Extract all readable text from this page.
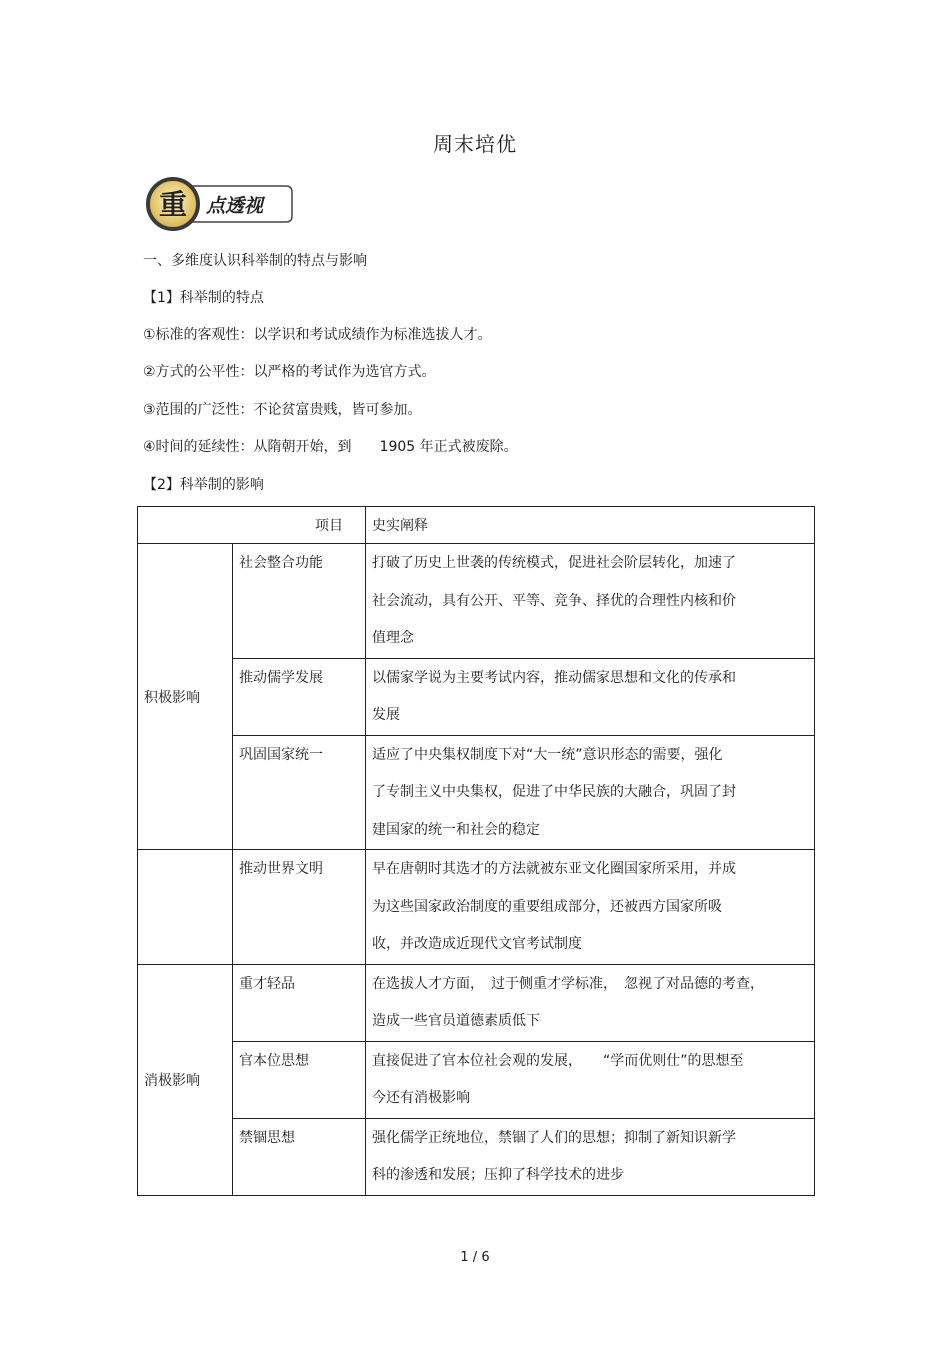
周末培优
重 点透视
一、多维度认识科举制的特点与影响
【1】科举制的特点
①标准的客观性：以学识和考试成绩作为标准选拔人才。
②方式的公平性：以严格的考试作为选官方式。
③范围的广泛性：不论贫富贵贱，皆可参加。
④时间的延续性：从隋朝开始，到　　1905 年正式被废除。
【2】科举制的影响
项目		史实阐释
积极影响	社会整合功能	打破了历史上世袭的传统模式，促进社会阶层转化，加速了
社会流动，具有公开、平等、竞争、择优的合理性内核和价
值理念

	推动儒学发展	以儒家学说为主要考试内容，推动儒家思想和文化的传承和
发展

	巩固国家统一	适应了中央集权制度下对“大一统”意识形态的需要，强化
了专制主义中央集权，促进了中华民族的大融合，巩固了封
建国家的统一和社会的稳定

	推动世界文明	早在唐朝时其选才的方法就被东亚文化圈国家所采用，并成
为这些国家政治制度的重要组成部分，还被西方国家所吸
收，并改造成近现代文官考试制度

消极影响	重才轻品	在选拔人才方面，　过于侧重才学标准，　忽视了对品德的考查，
造成一些官员道德素质低下

	官本位思想	直接促进了官本位社会观的发展，　　“学而优则仕”的思想至
今还有消极影响

	禁锢思想	强化儒学正统地位，禁锢了人们的思想；抑制了新知识新学
科的渗透和发展；压抑了科学技术的进步
1 / 6
